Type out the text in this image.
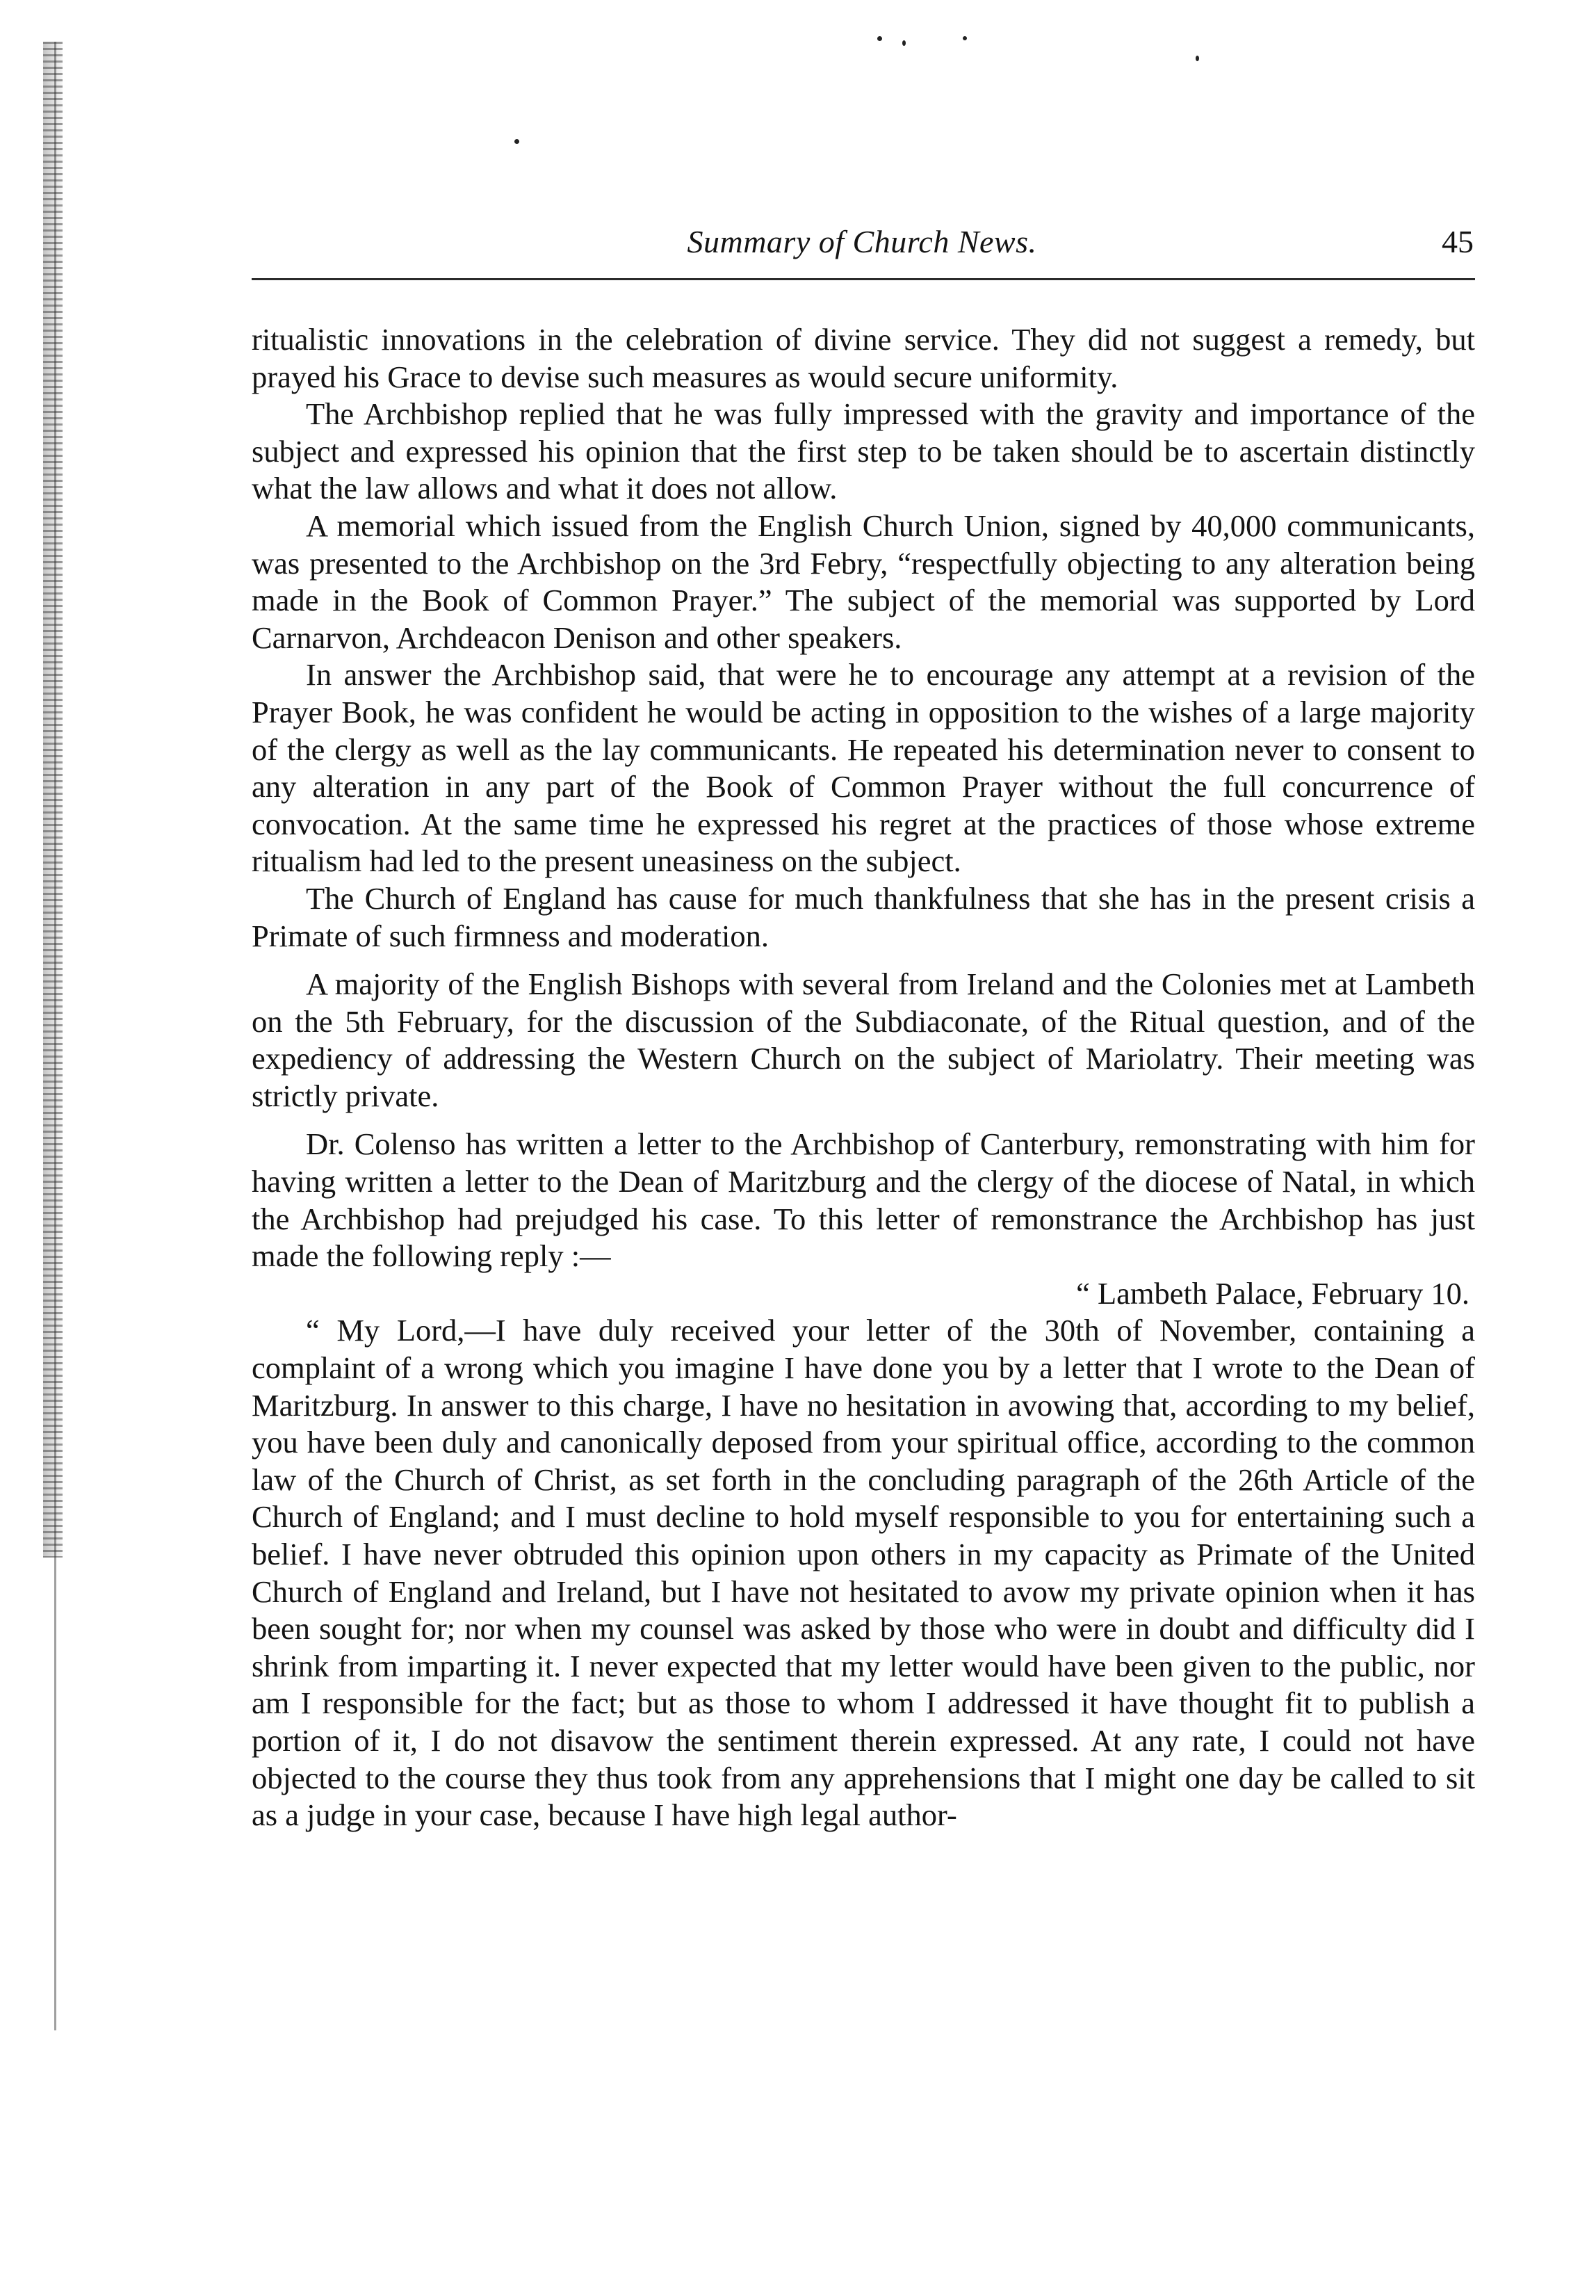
Summary of Church News.	45

ritualistic innovations in the celebration of divine service. They did not suggest a remedy, but prayed his Grace to devise such measures as would secure uniformity.

The Archbishop replied that he was fully impressed with the gravity and importance of the subject and expressed his opinion that the first step to be taken should be to ascertain distinctly what the law allows and what it does not allow.

A memorial which issued from the English Church Union, signed by 40,000 communicants, was presented to the Archbishop on the 3rd Febry, “respectfully objecting to any alteration being made in the Book of Common Prayer.” The subject of the memorial was supported by Lord Carnarvon, Archdeacon Denison and other speakers.

In answer the Archbishop said, that were he to encourage any attempt at a revision of the Prayer Book, he was confident he would be acting in opposition to the wishes of a large majority of the clergy as well as the lay communicants. He repeated his determination never to consent to any alteration in any part of the Book of Common Prayer without the full concurrence of convocation. At the same time he expressed his regret at the practices of those whose extreme ritualism had led to the present uneasiness on the subject.

The Church of England has cause for much thankfulness that she has in the present crisis a Primate of such firmness and moderation.

A majority of the English Bishops with several from Ireland and the Colonies met at Lambeth on the 5th February, for the discussion of the Subdiaconate, of the Ritual question, and of the expediency of addressing the Western Church on the subject of Mariolatry. Their meeting was strictly private.

Dr. Colenso has written a letter to the Archbishop of Canterbury, remonstrating with him for having written a letter to the Dean of Maritzburg and the clergy of the diocese of Natal, in which the Archbishop had prejudged his case. To this letter of remonstrance the Archbishop has just made the following reply :—

“ Lambeth Palace, February 10.

“ My Lord,—I have duly received your letter of the 30th of November, containing a complaint of a wrong which you imagine I have done you by a letter that I wrote to the Dean of Maritzburg. In answer to this charge, I have no hesitation in avowing that, according to my belief, you have been duly and canonically deposed from your spiritual office, according to the common law of the Church of Christ, as set forth in the concluding paragraph of the 26th Article of the Church of England; and I must decline to hold myself responsible to you for entertaining such a belief. I have never obtruded this opinion upon others in my capacity as Primate of the United Church of England and Ireland, but I have not hesitated to avow my private opinion when it has been sought for; nor when my counsel was asked by those who were in doubt and difficulty did I shrink from imparting it. I never expected that my letter would have been given to the public, nor am I responsible for the fact; but as those to whom I addressed it have thought fit to publish a portion of it, I do not disavow the sentiment therein expressed. At any rate, I could not have objected to the course they thus took from any apprehensions that I might one day be called to sit as a judge in your case, because I have high legal author-
